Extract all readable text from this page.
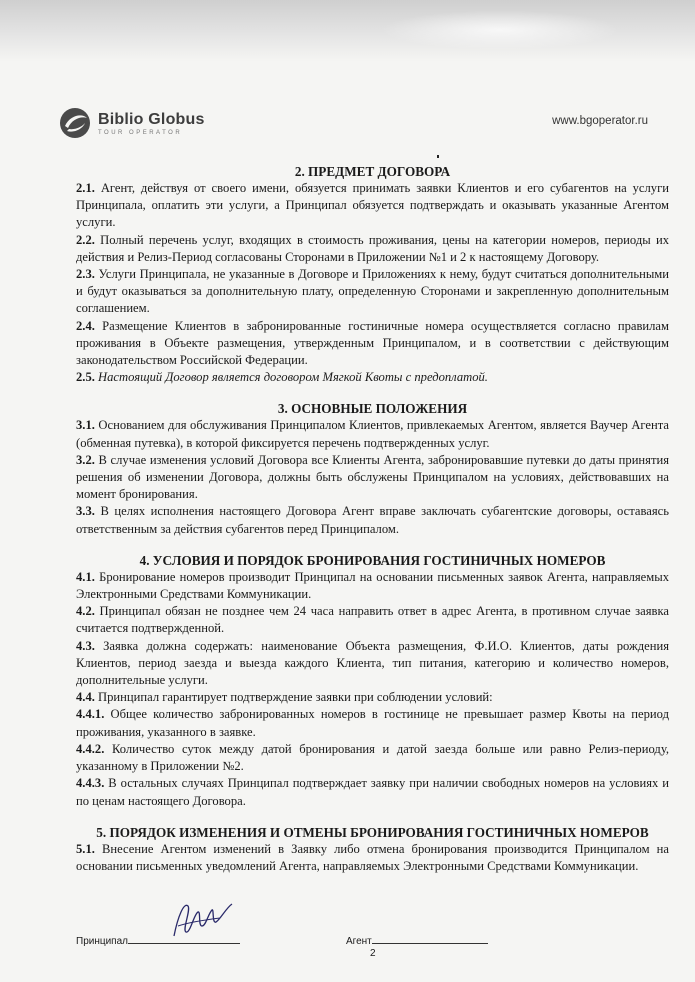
Biblio Globus
TOUR OPERATOR
www.bgoperator.ru
2. ПРЕДМЕТ ДОГОВОРА

2.1. Агент, действуя от своего имени, обязуется принимать заявки Клиентов и его субагентов на услуги Принципала, оплатить эти услуги, а Принципал обязуется подтверждать и оказывать указанные Агентом услуги.

2.2. Полный перечень услуг, входящих в стоимость проживания, цены на категории номеров, периоды их действия и Релиз-Период согласованы Сторонами в Приложении №1 и 2 к настоящему Договору.

2.3. Услуги Принципала, не указанные в Договоре и Приложениях к нему, будут считаться дополнительными и будут оказываться за дополнительную плату, определенную Сторонами и закрепленную дополнительным соглашением.

2.4. Размещение Клиентов в забронированные гостиничные номера осуществляется согласно правилам проживания в Объекте размещения, утвержденным Принципалом, и в соответствии с действующим законодательством Российской Федерации.

2.5. Настоящий Договор является договором Мягкой Квоты с предоплатой.

3. ОСНОВНЫЕ ПОЛОЖЕНИЯ

3.1. Основанием для обслуживания Принципалом Клиентов, привлекаемых Агентом, является Ваучер Агента (обменная путевка), в которой фиксируется перечень подтвержденных услуг.

3.2. В случае изменения условий Договора все Клиенты Агента, забронировавшие путевки до даты принятия решения об изменении Договора, должны быть обслужены Принципалом на условиях, действовавших на момент бронирования.

3.3. В целях исполнения настоящего Договора Агент вправе заключать субагентские договоры, оставаясь ответственным за действия субагентов перед Принципалом.

4. УСЛОВИЯ И ПОРЯДОК БРОНИРОВАНИЯ ГОСТИНИЧНЫХ НОМЕРОВ

4.1. Бронирование номеров производит Принципал на основании письменных заявок Агента, направляемых Электронными Средствами Коммуникации.

4.2. Принципал обязан не позднее чем 24 часа направить ответ в адрес Агента, в противном случае заявка считается подтвержденной.

4.3. Заявка должна содержать: наименование Объекта размещения, Ф.И.О. Клиентов, даты рождения Клиентов, период заезда и выезда каждого Клиента, тип питания, категорию и количество номеров, дополнительные услуги.

4.4. Принципал гарантирует подтверждение заявки при соблюдении условий:

4.4.1. Общее количество забронированных номеров в гостинице не превышает размер Квоты на период проживания, указанного в заявке.

4.4.2. Количество суток между датой бронирования и датой заезда больше или равно Релиз-периоду, указанному в Приложении №2.

4.4.3. В остальных случаях Принципал подтверждает заявку при наличии свободных номеров на условиях и по ценам настоящего Договора.

5. ПОРЯДОК ИЗМЕНЕНИЯ И ОТМЕНЫ БРОНИРОВАНИЯ ГОСТИНИЧНЫХ НОМЕРОВ

5.1. Внесение Агентом изменений в Заявку либо отмена бронирования производится Принципалом на основании письменных уведомлений Агента, направляемых Электронными Средствами Коммуникации.

Принципал	Агент
2
